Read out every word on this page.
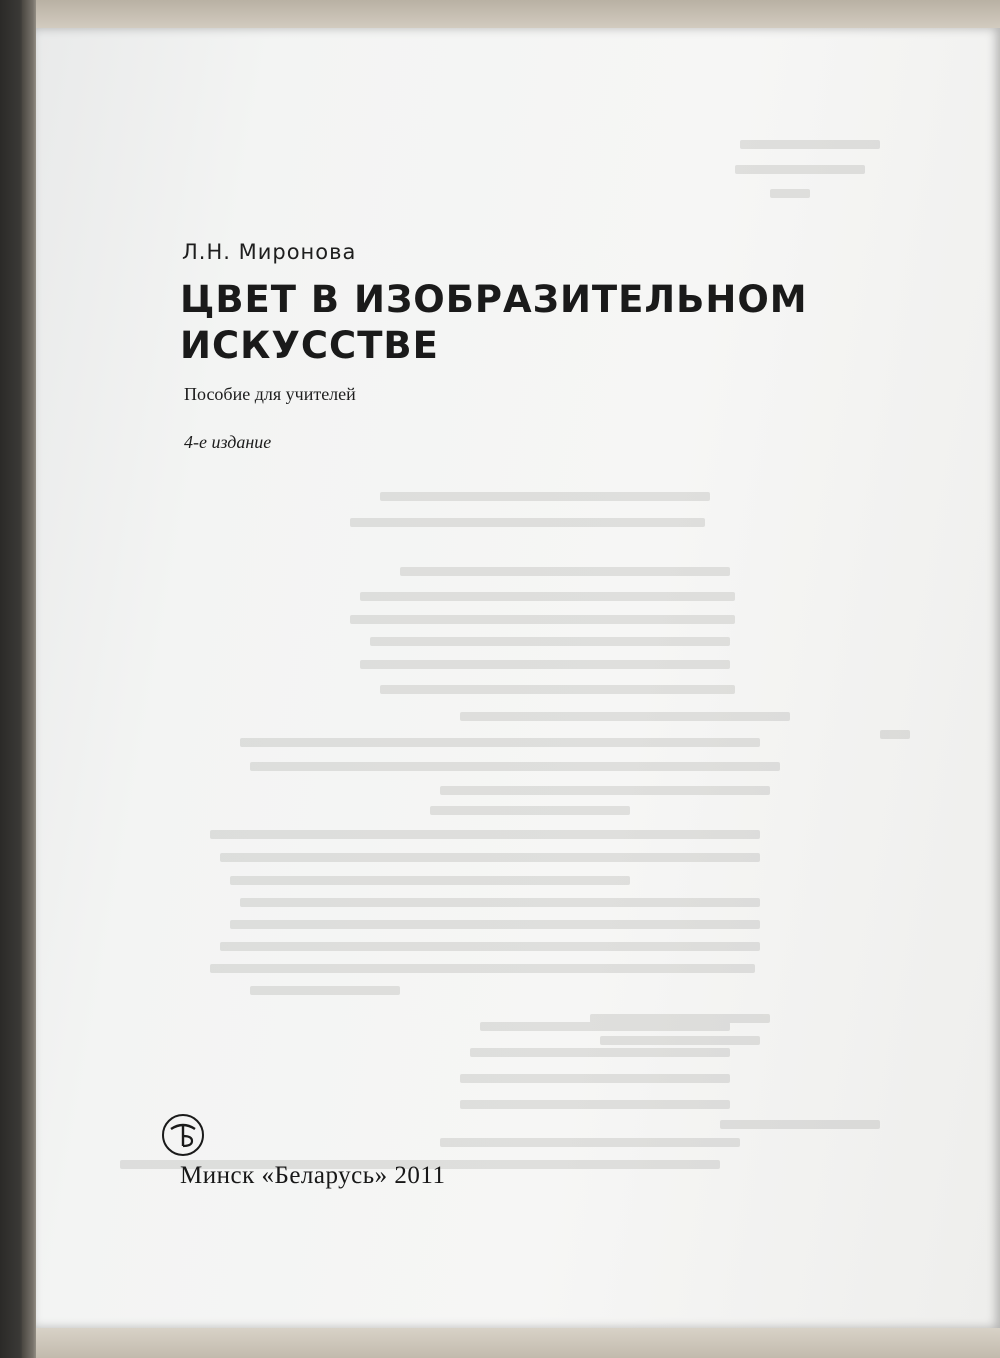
Л.Н. Миронова
ЦВЕТ В ИЗОБРАЗИТЕЛЬНОМ
ИСКУССТВЕ
Пособие для учителей
4-е издание
Минск «Беларусь» 2011
